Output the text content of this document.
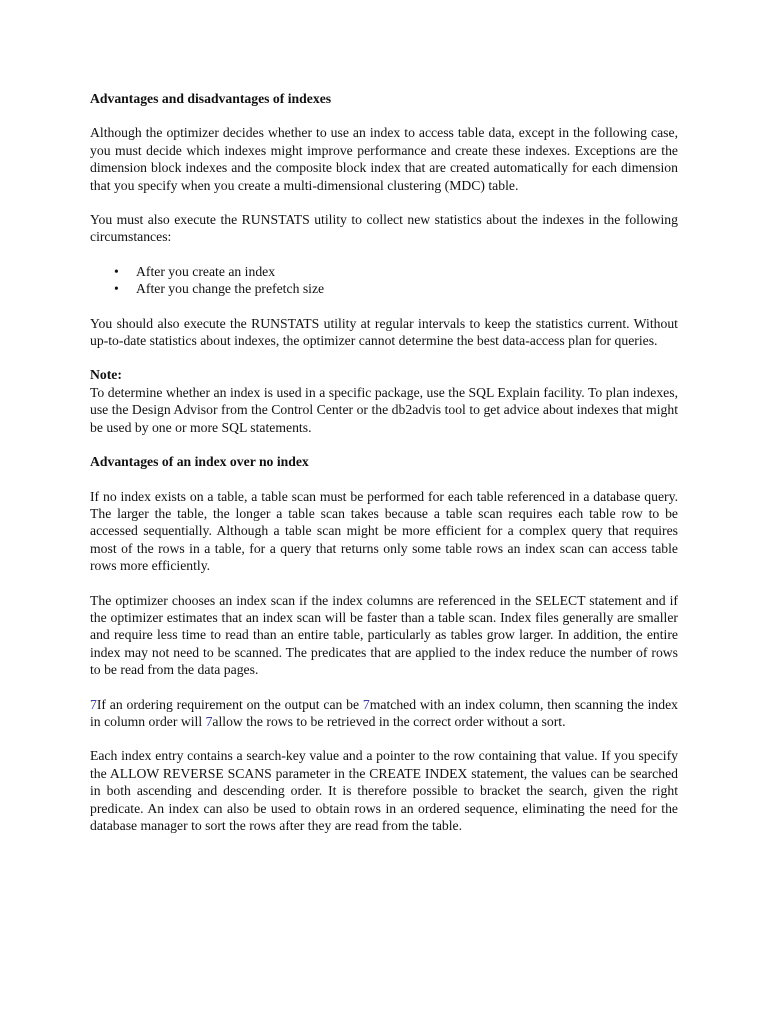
Advantages and disadvantages of indexes
Although the optimizer decides whether to use an index to access table data, except in the following case, you must decide which indexes might improve performance and create these indexes. Exceptions are the dimension block indexes and the composite block index that are created automatically for each dimension that you specify when you create a multi-dimensional clustering (MDC) table.
You must also execute the RUNSTATS utility to collect new statistics about the indexes in the following circumstances:
• After you create an index
• After you change the prefetch size
You should also execute the RUNSTATS utility at regular intervals to keep the statistics current. Without up-to-date statistics about indexes, the optimizer cannot determine the best data-access plan for queries.
Note:
To determine whether an index is used in a specific package, use the SQL Explain facility. To plan indexes, use the Design Advisor from the Control Center or the db2advis tool to get advice about indexes that might be used by one or more SQL statements.
Advantages of an index over no index
If no index exists on a table, a table scan must be performed for each table referenced in a database query. The larger the table, the longer a table scan takes because a table scan requires each table row to be accessed sequentially. Although a table scan might be more efficient for a complex query that requires most of the rows in a table, for a query that returns only some table rows an index scan can access table rows more efficiently.
The optimizer chooses an index scan if the index columns are referenced in the SELECT statement and if the optimizer estimates that an index scan will be faster than a table scan. Index files generally are smaller and require less time to read than an entire table, particularly as tables grow larger. In addition, the entire index may not need to be scanned. The predicates that are applied to the index reduce the number of rows to be read from the data pages.
7If an ordering requirement on the output can be 7matched with an index column, then scanning the index in column order will 7allow the rows to be retrieved in the correct order without a sort.
Each index entry contains a search-key value and a pointer to the row containing that value. If you specify the ALLOW REVERSE SCANS parameter in the CREATE INDEX statement, the values can be searched in both ascending and descending order. It is therefore possible to bracket the search, given the right predicate. An index can also be used to obtain rows in an ordered sequence, eliminating the need for the database manager to sort the rows after they are read from the table.
